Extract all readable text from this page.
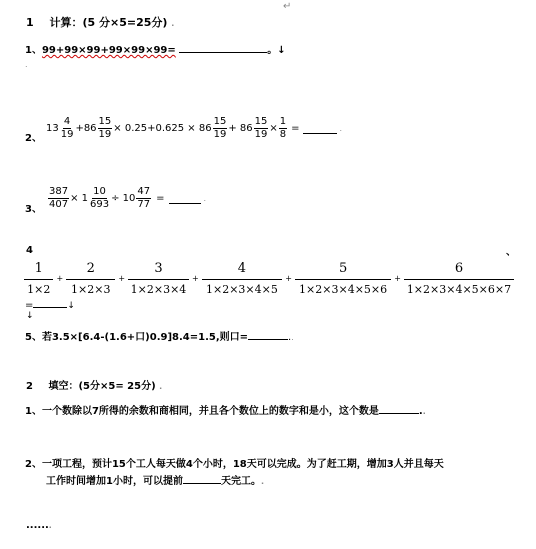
↵
1 计算：(5 分×5=25分) .
1、99+99×99+99×99×99=	。↓
.
2、
$13 \frac{4}{19} +86 \frac{15}{19} \times 0.25+0.625 \times 86 \frac{15}{19} + 86 \frac{15}{19} \times \frac{1}{8}$ =	.
3、 $\frac{387}{407} \times 1 \frac{10}{693} \div 10 \frac{47}{77}$ =	.
4	、
$\frac{1}{1\times 2} + \frac{2}{1\times 2\times 3} + \frac{3}{1\times 2\times 3\times 4} + \frac{4}{1\times 2\times 3\times 4\times 5} + \frac{5}{1\times 2\times 3\times 4\times 5\times 6} + \frac{6}{1\times 2\times 3\times 4\times 5\times 6\times 7}$
=	↓
↓
5、若3.5×[6.4-(1.6+口)0.9]8.4=1.5,则口=	..
2 填空：(5分×5= 25分) .
1、一个数除以7所得的余数和商相同，并且各个数位上的数字和是小，这个数是	..
2、一项工程，预计15个工人每天做4个小时，18天可以完成。为了赶工期，增加3人并且每天
工作时间增加1小时，可以提前	天完工。.
.......
